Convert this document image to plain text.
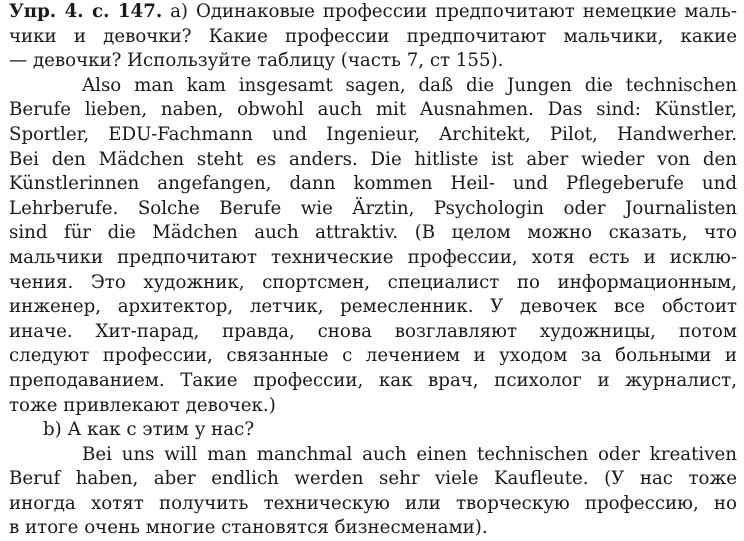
Упр. 4. с. 147. a) Одинаковые профессии предпочитают немецкие маль-
чики и девочки? Какие профессии предпочитают мальчики, какие
— девочки? Используйте таблицу (часть 7, ст 155).
Also man kam insgesamt sagen, daß die Jungen die technischen
Berufe lieben, naben, obwohl auch mit Ausnahmen. Das sind: Künstler,
Sportler, EDU-Fachmann und Ingenieur, Architekt, Pilot, Handwerher.
Bei den Mädchen steht es anders. Die hitliste ist aber wieder von den
Künstlerinnen angefangen, dann kommen Heil- und Pflegeberufe und
Lehrberufe. Solche Berufe wie Ärztin, Psychologin oder Journalisten
sind für die Mädchen auch attraktiv. (В целом можно сказать, что
мальчики предпочитают технические профессии, хотя есть и исклю-
чения. Это художник, спортсмен, специалист по информационным,
инженер, архитектор, летчик, ремесленник. У девочек все обстоит
иначе. Хит-парад, правда, снова возглавляют художницы, потом
следуют профессии, связанные с лечением и уходом за больными и
преподаванием. Такие профессии, как врач, психолог и журналист,
тоже привлекают девочек.)
b) А как с этим у нас?
Bei uns will man manchmal auch einen technischen oder kreativen
Beruf haben, aber endlich werden sehr viele Kaufleute. (У нас тоже
иногда хотят получить техническую или творческую профессию, но
в итоге очень многие становятся бизнесменами).
